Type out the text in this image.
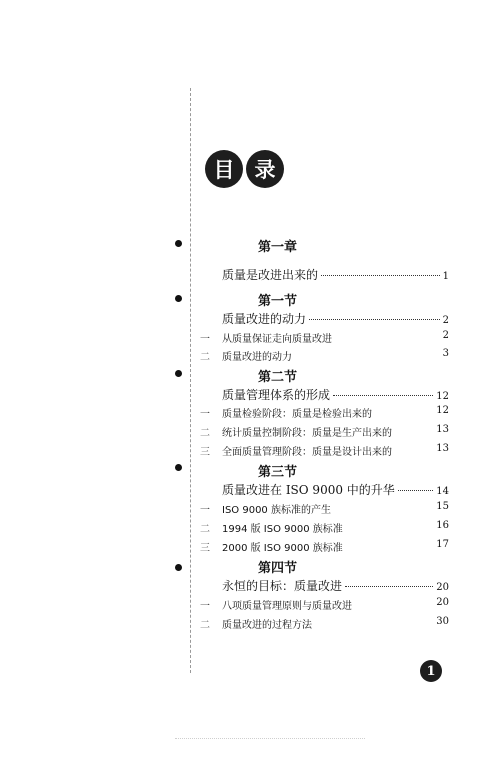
目 录
第一章
质量是改进出来的	1
第一节
质量改进的动力	2
一	从质量保证走向质量改进	2
二	质量改进的动力	3
第二节
质量管理体系的形成	12
一	质量检验阶段：质量是检验出来的	12
二	统计质量控制阶段：质量是生产出来的	13
三	全面质量管理阶段：质量是设计出来的	13
第三节
质量改进在 ISO 9000 中的升华	14
一	ISO 9000 族标准的产生	15
二	1994 版 ISO 9000 族标准	16
三	2000 版 ISO 9000 族标准	17
第四节
永恒的目标：质量改进	20
一	八项质量管理原则与质量改进	20
二	质量改进的过程方法	30
1
